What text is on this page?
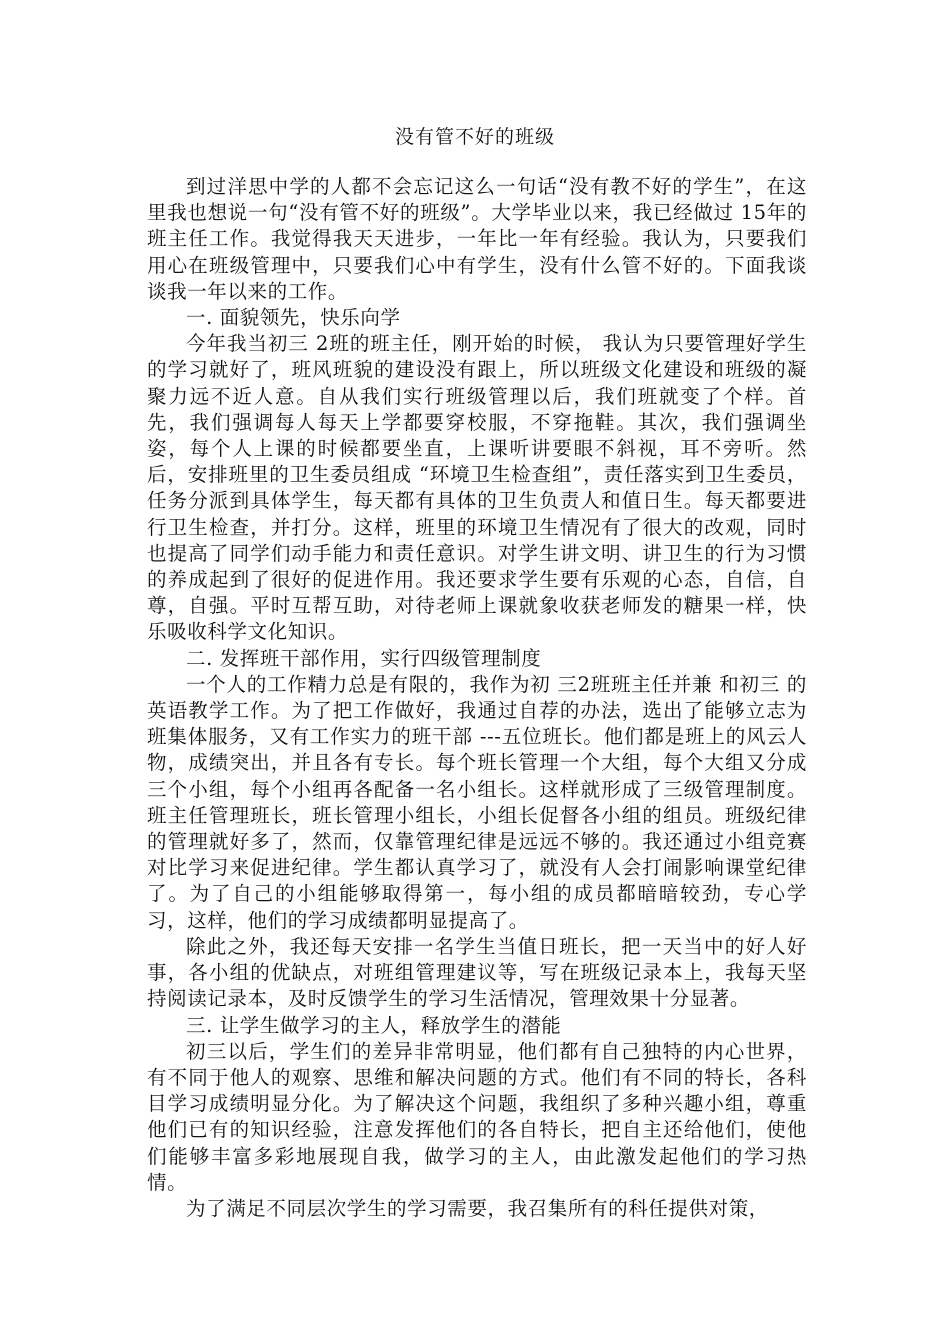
没有管不好的班级

到过洋思中学的人都不会忘记这么一句话“没有教不好的学生”，在这里我也想说一句“没有管不好的班级”。大学毕业以来，我已经做过 15年的班主任工作。我觉得我天天进步，一年比一年有经验。我认为，只要我们用心在班级管理中，只要我们心中有学生，没有什么管不好的。下面我谈谈我一年以来的工作。

一. 面貌领先，快乐向学

今年我当初三 2班的班主任，刚开始的时候， 我认为只要管理好学生的学习就好了，班风班貌的建设没有跟上，所以班级文化建设和班级的凝聚力远不近人意。自从我们实行班级管理以后，我们班就变了个样。首先，我们强调每人每天上学都要穿校服，不穿拖鞋。其次，我们强调坐姿，每个人上课的时候都要坐直，上课听讲要眼不斜视，耳不旁听。然后，安排班里的卫生委员组成 “环境卫生检查组”，责任落实到卫生委员，任务分派到具体学生，每天都有具体的卫生负责人和值日生。每天都要进行卫生检查，并打分。这样，班里的环境卫生情况有了很大的改观，同时也提高了同学们动手能力和责任意识。对学生讲文明、讲卫生的行为习惯的养成起到了很好的促进作用。我还要求学生要有乐观的心态，自信，自尊，自强。平时互帮互助，对待老师上课就象收获老师发的糖果一样，快乐吸收科学文化知识。

二. 发挥班干部作用，实行四级管理制度

一个人的工作精力总是有限的，我作为初 三2班班主任并兼 和初三 的英语教学工作。为了把工作做好，我通过自荐的办法，选出了能够立志为班集体服务，又有工作实力的班干部 ---五位班长。他们都是班上的风云人物，成绩突出，并且各有专长。每个班长管理一个大组，每个大组又分成三个小组，每个小组再各配备一名小组长。这样就形成了三级管理制度。班主任管理班长，班长管理小组长，小组长促督各小组的组员。班级纪律的管理就好多了，然而，仅靠管理纪律是远远不够的。我还通过小组竞赛对比学习来促进纪律。学生都认真学习了，就没有人会打闹影响课堂纪律了。为了自己的小组能够取得第一，每小组的成员都暗暗较劲，专心学习，这样，他们的学习成绩都明显提高了。

除此之外，我还每天安排一名学生当值日班长，把一天当中的好人好事，各小组的优缺点，对班组管理建议等，写在班级记录本上，我每天坚持阅读记录本，及时反馈学生的学习生活情况，管理效果十分显著。

三. 让学生做学习的主人，释放学生的潜能

初三以后，学生们的差异非常明显，他们都有自己独特的内心世界，有不同于他人的观察、思维和解决问题的方式。他们有不同的特长，各科目学习成绩明显分化。为了解决这个问题，我组织了多种兴趣小组，尊重他们已有的知识经验，注意发挥他们的各自特长，把自主还给他们，使他们能够丰富多彩地展现自我，做学习的主人，由此激发起他们的学习热情。

为了满足不同层次学生的学习需要，我召集所有的科任提供对策，
